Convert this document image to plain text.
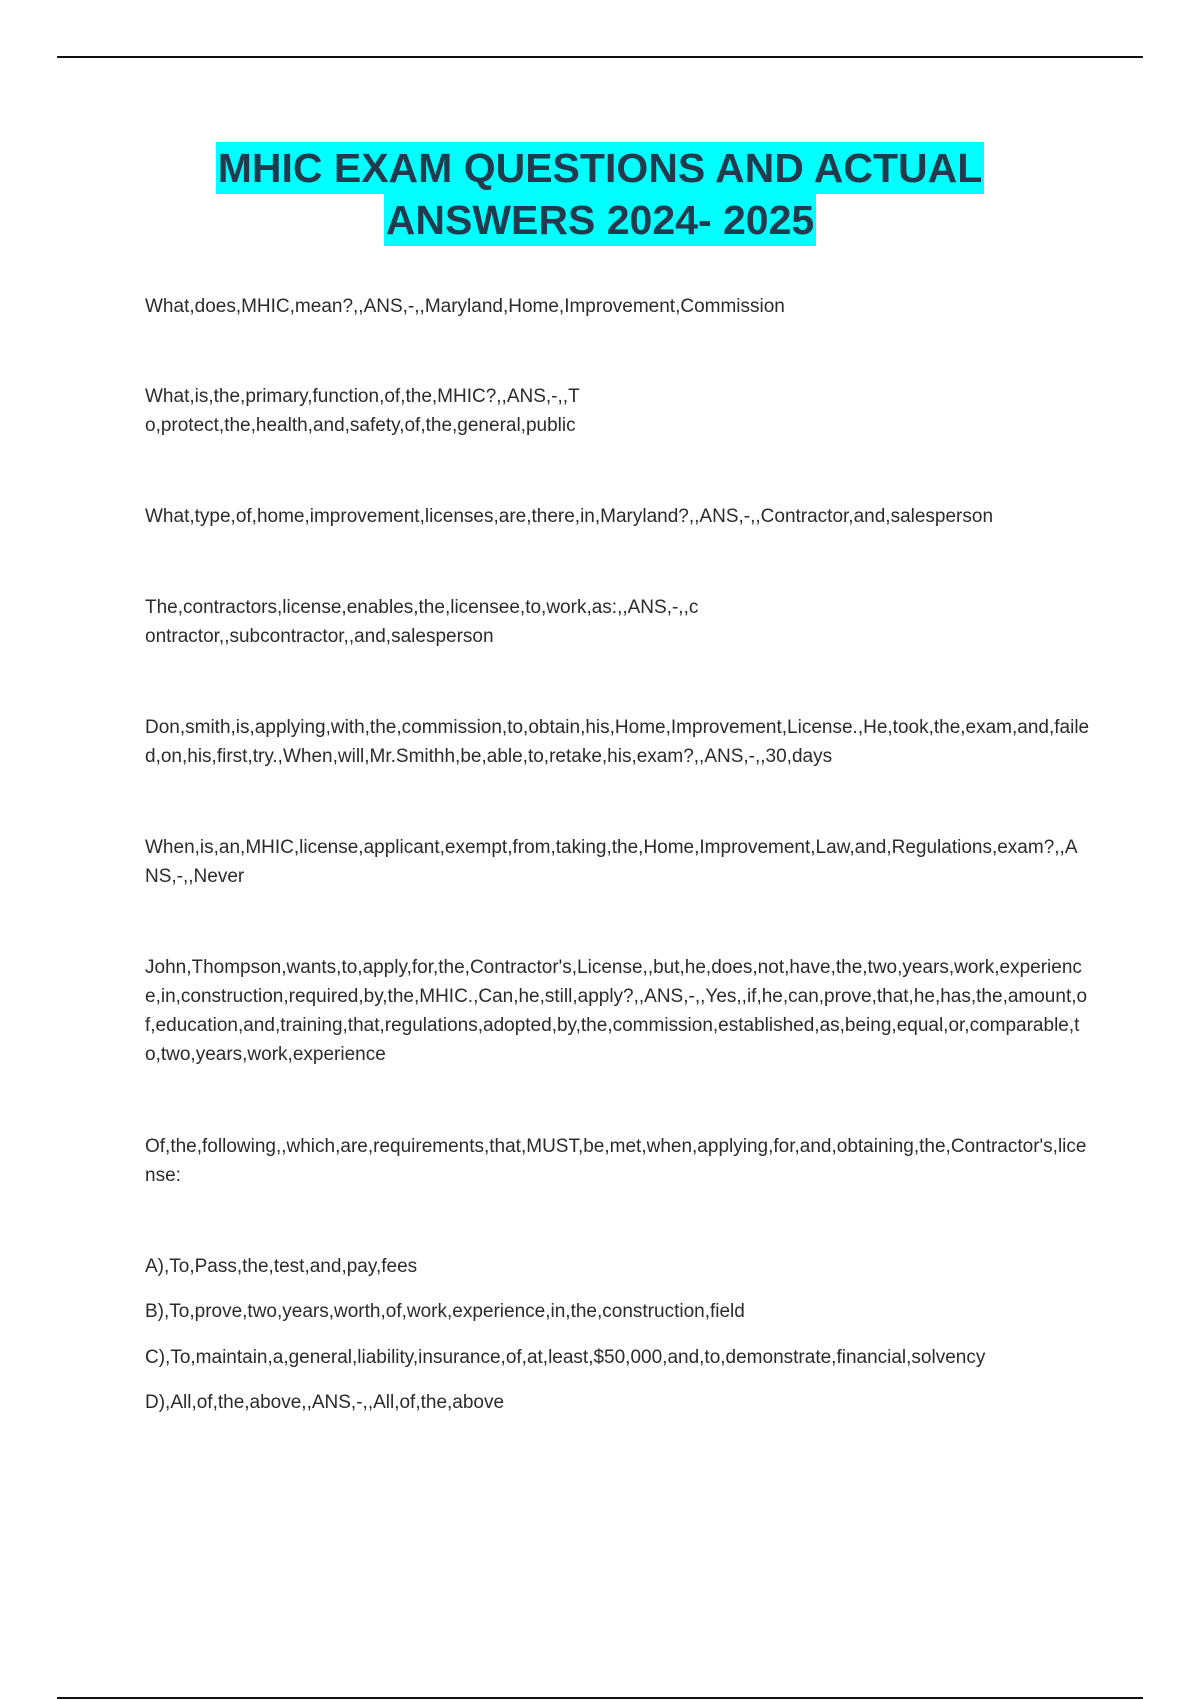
MHIC EXAM QUESTIONS AND ACTUAL
ANSWERS 2024- 2025

What,does,MHIC,mean?,,ANS,-,,Maryland,Home,Improvement,Commission

What,is,the,primary,function,of,the,MHIC?,,ANS,-,,To,protect,the,health,and,safety,of,the,general,public

What,type,of,home,improvement,licenses,are,there,in,Maryland?,,ANS,-,,Contractor,and,salesperson

The,contractors,license,enables,the,licensee,to,work,as:,,ANS,-,,contractor,,subcontractor,,and,salesperson

Don,smith,is,applying,with,the,commission,to,obtain,his,Home,Improvement,License.,He,took,the,exam,and,failed,on,his,first,try.,When,will,Mr.Smithh,be,able,to,retake,his,exam?,,ANS,-,,30,days

When,is,an,MHIC,license,applicant,exempt,from,taking,the,Home,Improvement,Law,and,Regulations,exam?,,ANS,-,,Never

John,Thompson,wants,to,apply,for,the,Contractor's,License,,but,he,does,not,have,the,two,years,work,experience,in,construction,required,by,the,MHIC.,Can,he,still,apply?,,ANS,-,,Yes,,if,he,can,prove,that,he,has,the,amount,of,education,and,training,that,regulations,adopted,by,the,commission,established,as,being,equal,or,comparable,to,two,years,work,experience

Of,the,following,,which,are,requirements,that,MUST,be,met,when,applying,for,and,obtaining,the,Contractor's,license:

A),To,Pass,the,test,and,pay,fees

B),To,prove,two,years,worth,of,work,experience,in,the,construction,field

C),To,maintain,a,general,liability,insurance,of,at,least,$50,000,and,to,demonstrate,financial,solvency

D),All,of,the,above,,ANS,-,,All,of,the,above
